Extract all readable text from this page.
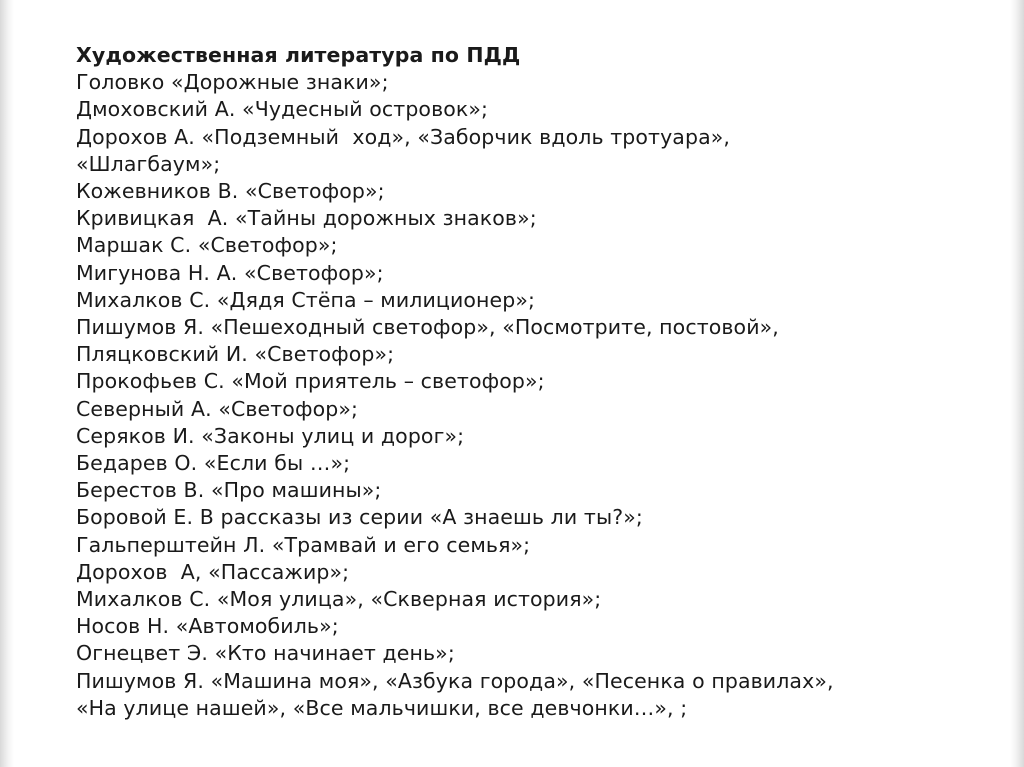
Художественная литература по ПДД
Головко «Дорожные знаки»;
Дмоховский А. «Чудесный островок»;
Дорохов А. «Подземный  ход», «Заборчик вдоль тротуара»,
«Шлагбаум»;
Кожевников В. «Светофор»;
Кривицкая  А. «Тайны дорожных знаков»;
Маршак С. «Светофор»;
Мигунова Н. А. «Светофор»;
Михалков С. «Дядя Стёпа – милиционер»;
Пишумов Я. «Пешеходный светофор», «Посмотрите, постовой»,
Пляцковский И. «Светофор»;
Прокофьев С. «Мой приятель – светофор»;
Северный А. «Светофор»;
Серяков И. «Законы улиц и дорог»;
Бедарев О. «Если бы …»;
Берестов В. «Про машины»;
Боровой Е. В рассказы из серии «А знаешь ли ты?»;
Гальперштейн Л. «Трамвай и его семья»;
Дорохов  А, «Пассажир»;
Михалков С. «Моя улица», «Скверная история»;
Носов Н. «Автомобиль»;
Огнецвет Э. «Кто начинает день»;
Пишумов Я. «Машина моя», «Азбука города», «Песенка о правилах»,
«На улице нашей», «Все мальчишки, все девчонки…», ;
